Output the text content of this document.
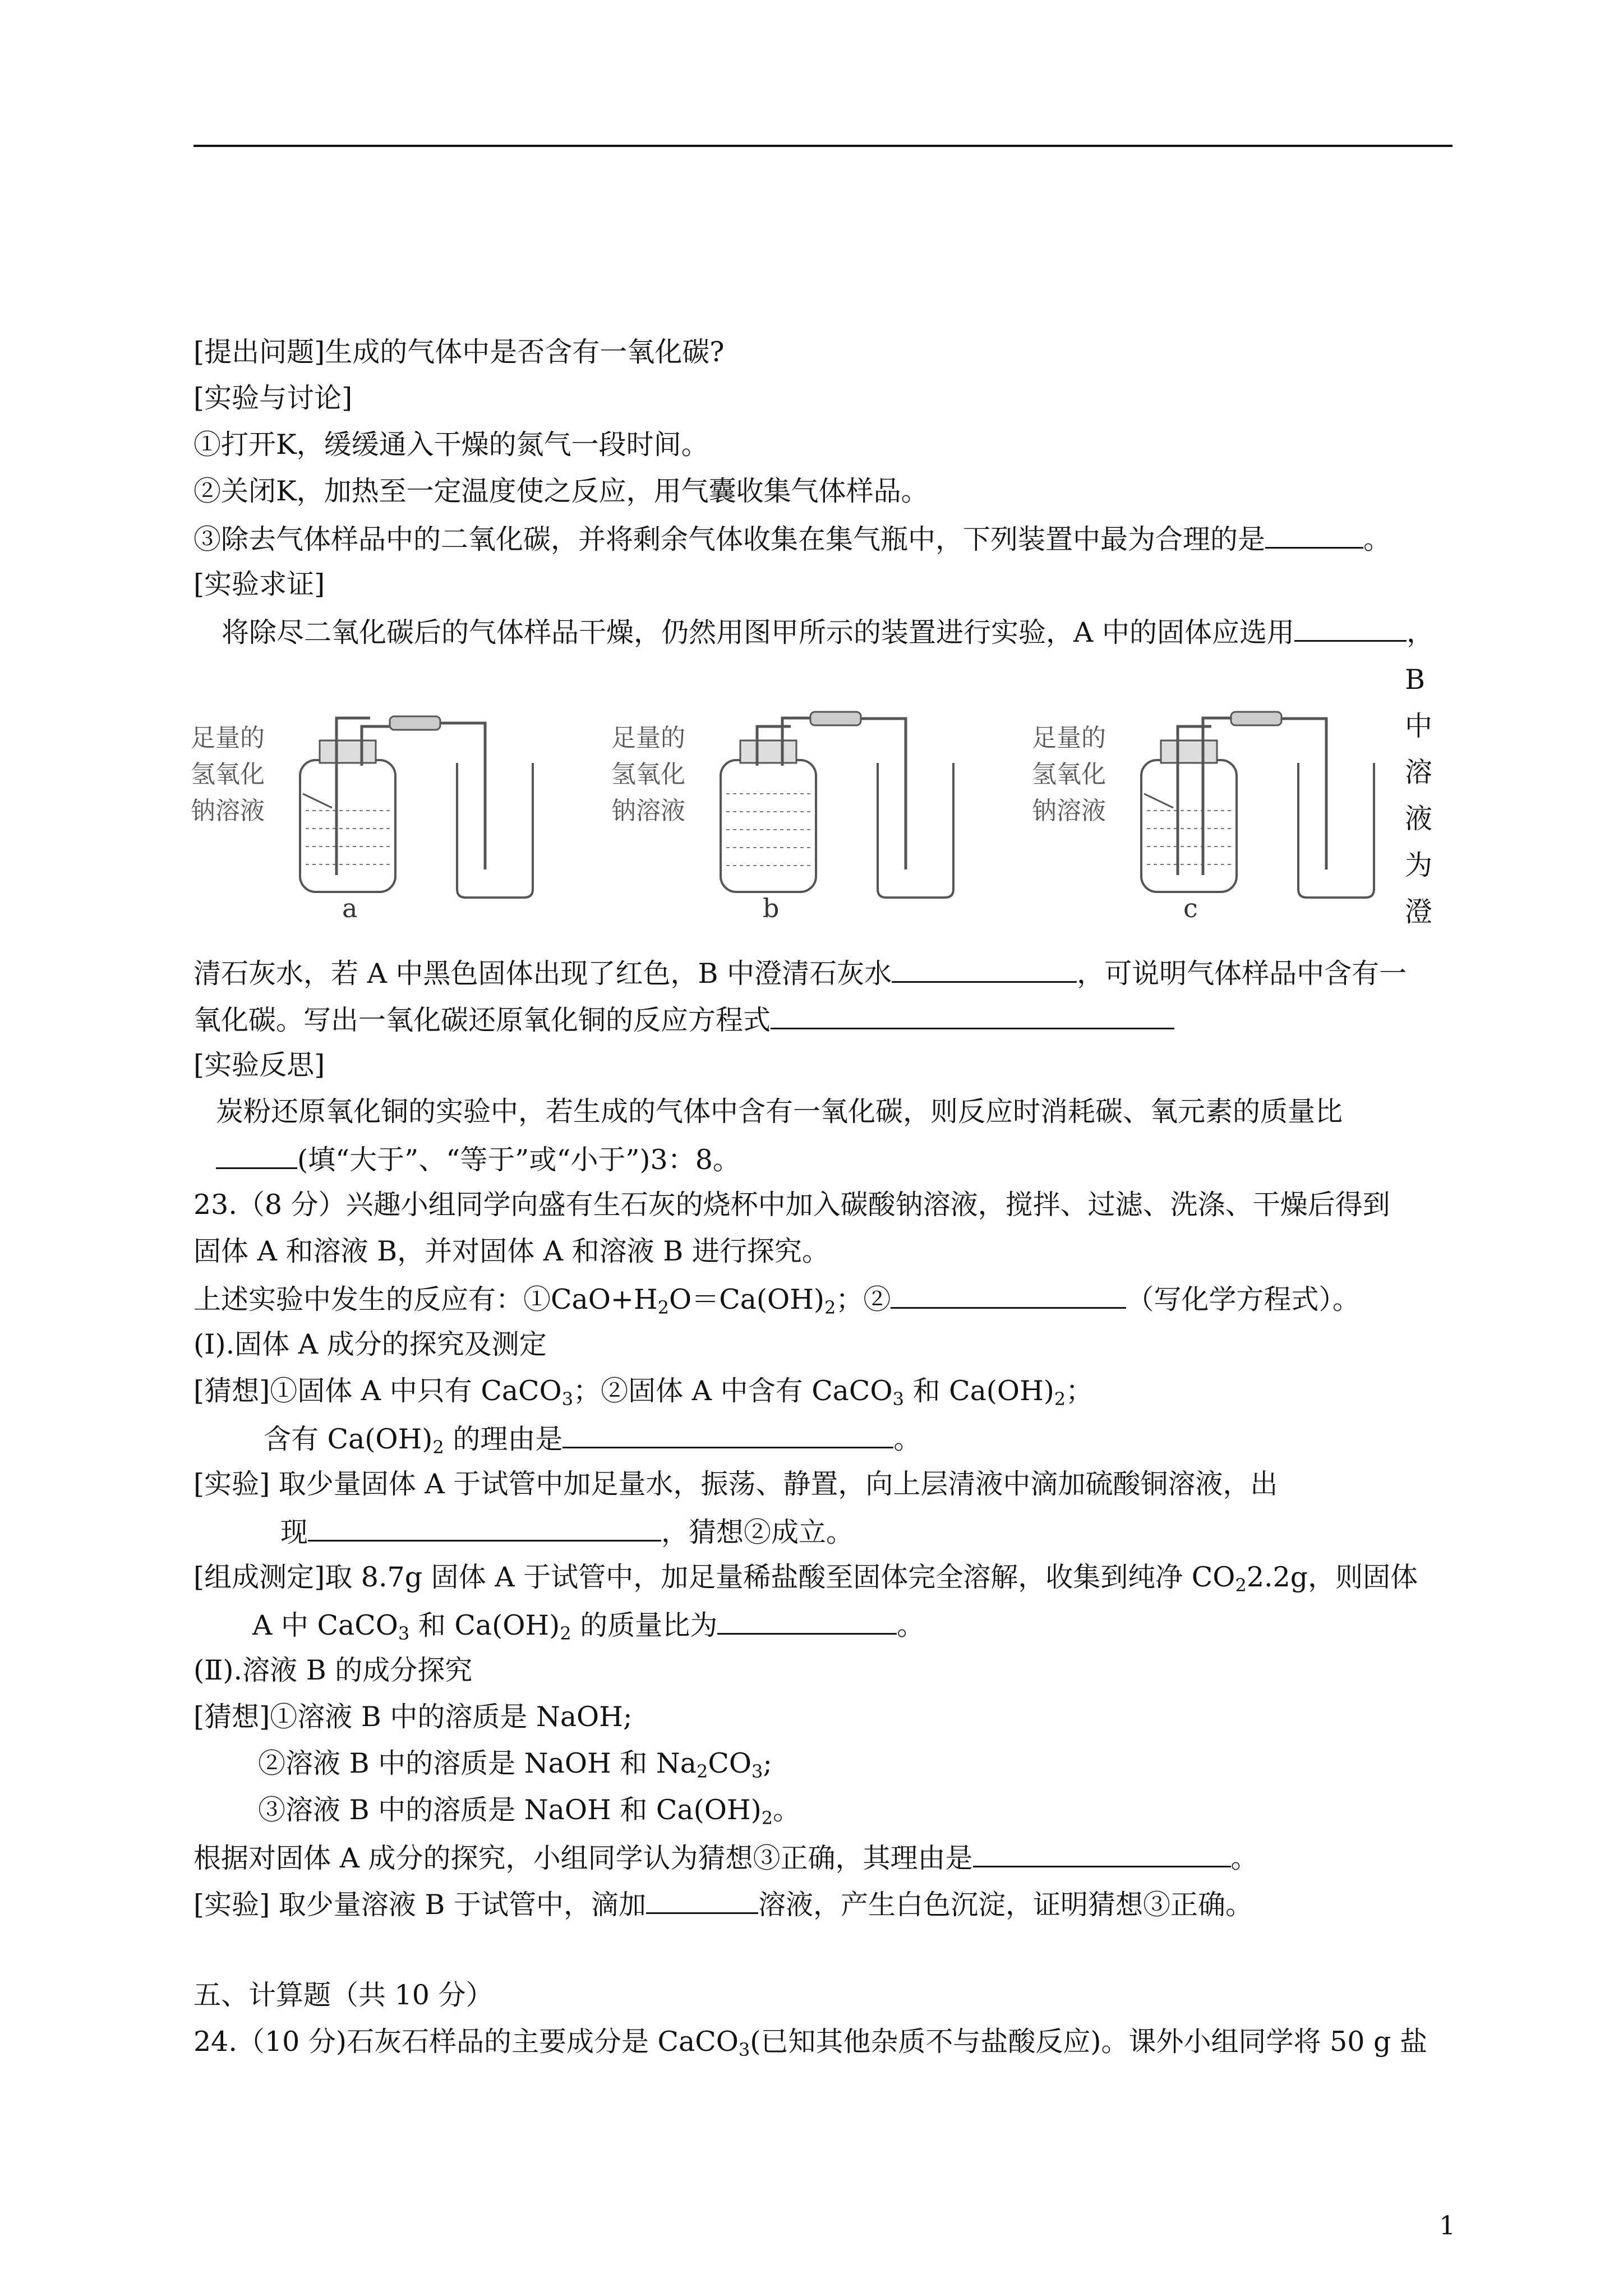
[提出问题]生成的气体中是否含有一氧化碳?
[实验与讨论]
①打开K，缓缓通入干燥的氮气一段时间。
②关闭K，加热至一定温度使之反应，用气囊收集气体样品。
③除去气体样品中的二氧化碳，并将剩余气体收集在集气瓶中，下列装置中最为合理的是	。
[实验求证]
将除尽二氧化碳后的气体样品干燥，仍然用图甲所示的装置进行实验，A 中的固体应选用	，
B
中
溶
液
为
澄
足量的
氢氧化
钠溶液
a
足量的
氢氧化
钠溶液
b
足量的
氢氧化
钠溶液
c
清石灰水，若 A 中黑色固体出现了红色，B 中澄清石灰水	，可说明气体样品中含有一
氧化碳。写出一氧化碳还原氧化铜的反应方程式
[实验反思]
炭粉还原氧化铜的实验中，若生成的气体中含有一氧化碳，则反应时消耗碳、氧元素的质量比
(填“大于”、“等于”或“小于”)3：8。
23.（8 分）兴趣小组同学向盛有生石灰的烧杯中加入碳酸钠溶液，搅拌、过滤、洗涤、干燥后得到
固体 A 和溶液 B，并对固体 A 和溶液 B 进行探究。
上述实验中发生的反应有：$①CaO+H_2O=Ca(OH)_2$；②	（写化学方程式）。
(Ⅰ).固体 A 成分的探究及测定
[猜想]①固体 A 中只有 CaCO$_3$；②固体 A 中含有 CaCO$_3$ 和 $Ca(OH)_2$；
含有 $Ca(OH)_2$ 的理由是	。
[实验] 取少量固体 A 于试管中加足量水，振荡、静置，向上层清液中滴加硫酸铜溶液，出
现	，猜想②成立。
[组成测定]取 8.7g 固体 A 于试管中，加足量稀盐酸至固体完全溶解，收集到纯净 $CO_22.2g$，则固体
A 中 CaCO$_3$ 和 $Ca(OH)_2$ 的质量比为	。
(Ⅱ).溶液 B 的成分探究
[猜想]①溶液 B 中的溶质是 NaOH;
②溶液 B 中的溶质是 NaOH 和 $Na_2CO_3$;
③溶液 B 中的溶质是 NaOH 和 $Ca(OH)_2$。
根据对固体 A 成分的探究，小组同学认为猜想③正确，其理由是	。
[实验] 取少量溶液 B 于试管中，滴加	溶液，产生白色沉淀，证明猜想③正确。
五、计算题（共 10 分）
24.（10 分)石灰石样品的主要成分是 CaCO$_3$(已知其他杂质不与盐酸反应)。课外小组同学将 50 g 盐
1
